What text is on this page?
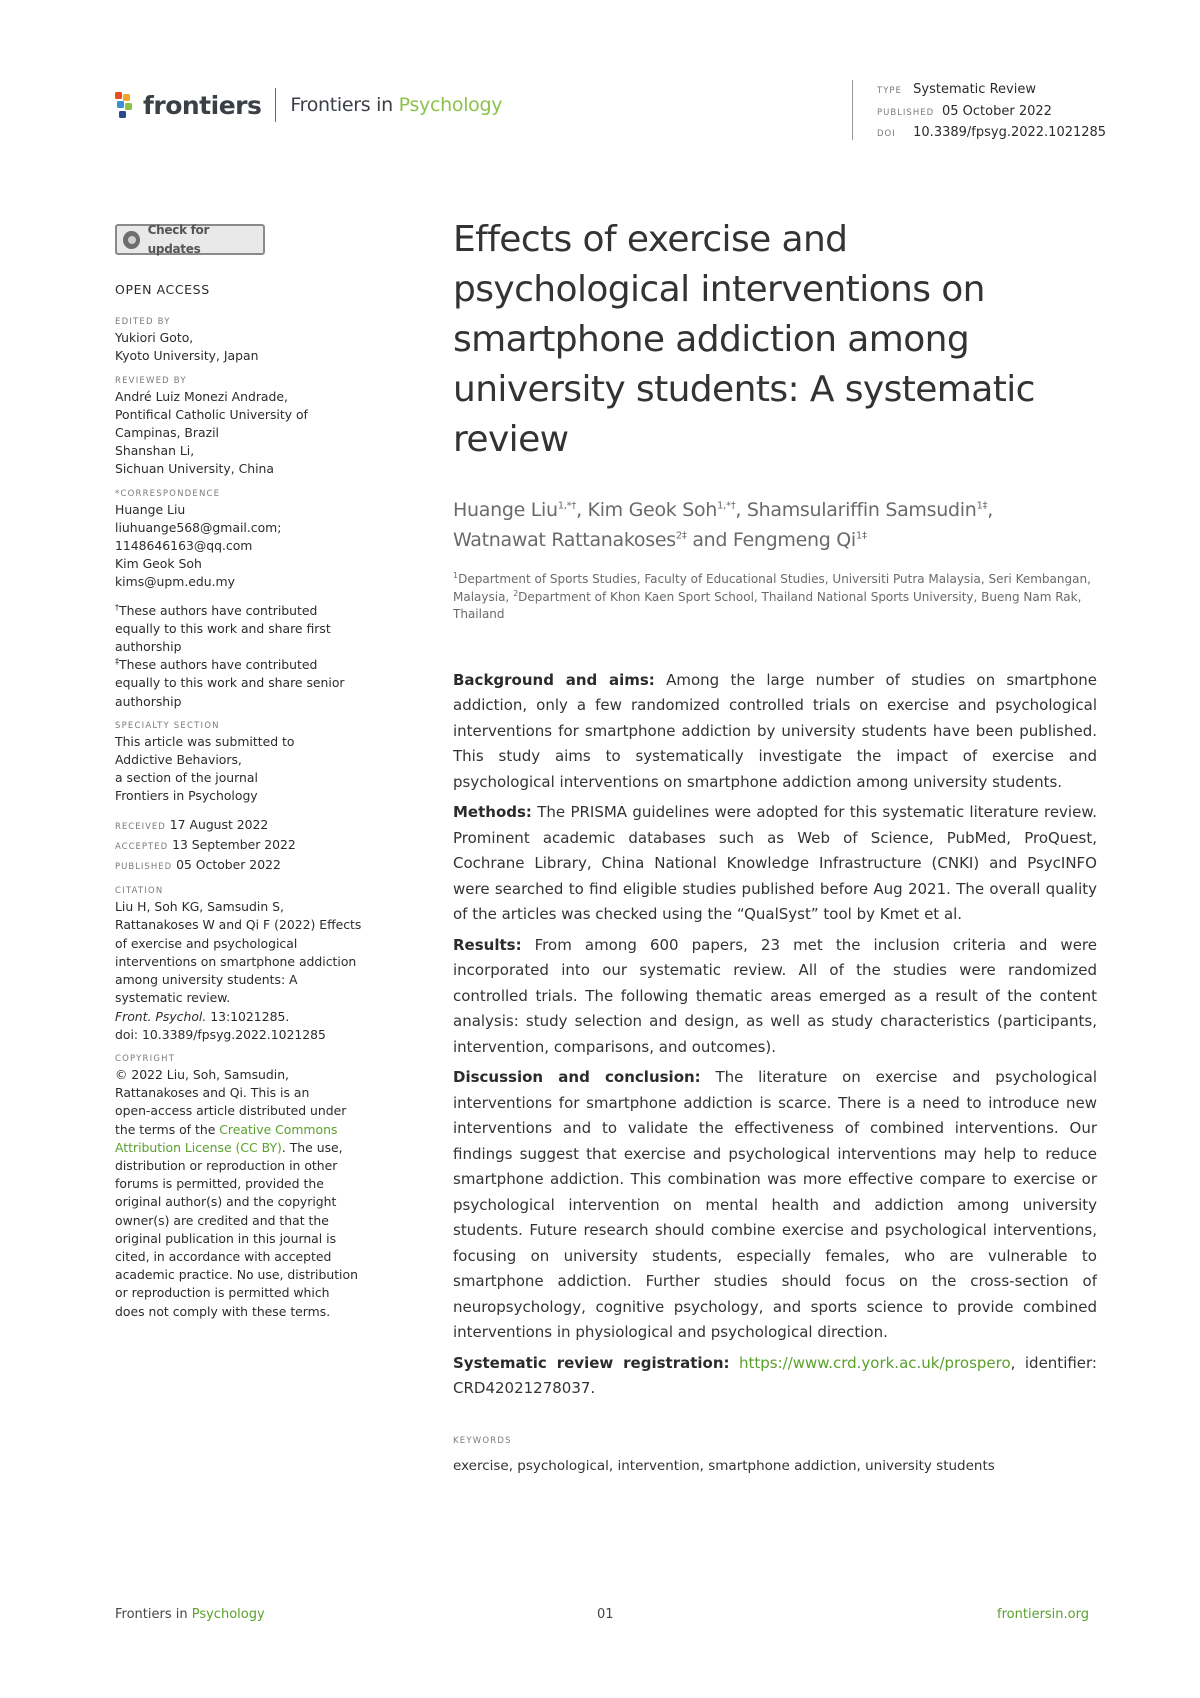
frontiers Frontiers in Psychology
TYPE Systematic Review
PUBLISHED 05 October 2022
DOI 10.3389/fpsyg.2022.1021285
Check for updates
OPEN ACCESS
EDITED BY
Yukiori Goto,
Kyoto University, Japan
REVIEWED BY
André Luiz Monezi Andrade,
Pontifical Catholic University of
Campinas, Brazil
Shanshan Li,
Sichuan University, China
*CORRESPONDENCE
Huange Liu
liuhuange568@gmail.com;
1148646163@qq.com
Kim Geok Soh
kims@upm.edu.my
†These authors have contributed
equally to this work and share first
authorship
‡These authors have contributed
equally to this work and share senior
authorship
SPECIALTY SECTION
This article was submitted to
Addictive Behaviors,
a section of the journal
Frontiers in Psychology
RECEIVED 17 August 2022
ACCEPTED 13 September 2022
PUBLISHED 05 October 2022
CITATION
Liu H, Soh KG, Samsudin S,
Rattanakoses W and Qi F (2022) Effects
of exercise and psychological
interventions on smartphone addiction
among university students: A
systematic review.
Front. Psychol. 13:1021285.
doi: 10.3389/fpsyg.2022.1021285
COPYRIGHT
© 2022 Liu, Soh, Samsudin,
Rattanakoses and Qi. This is an
open-access article distributed under
the terms of the Creative Commons
Attribution License (CC BY). The use,
distribution or reproduction in other
forums is permitted, provided the
original author(s) and the copyright
owner(s) are credited and that the
original publication in this journal is
cited, in accordance with accepted
academic practice. No use, distribution
or reproduction is permitted which
does not comply with these terms.
Effects of exercise and
psychological interventions on
smartphone addiction among
university students: A systematic
review
Huange Liu$^{1,*\dagger}$, Kim Geok Soh$^{1,*\dagger}$, Shamsulariffin Samsudin$^{1\ddagger}$,
Watnawat Rattanakoses$^{2\ddagger}$ and Fengmeng $Qi^{1\ddagger}$
$^1$Department of Sports Studies, Faculty of Educational Studies, Universiti Putra Malaysia, Seri Kembangan, Malaysia, $^2$Department of Khon Kaen Sport School, Thailand National Sports University, Bueng Nam Rak, Thailand

Background and aims: Among the large number of studies on smartphone addiction, only a few randomized controlled trials on exercise and psychological interventions for smartphone addiction by university students have been published. This study aims to systematically investigate the impact of exercise and psychological interventions on smartphone addiction among university students.

Methods: The PRISMA guidelines were adopted for this systematic literature review. Prominent academic databases such as Web of Science, PubMed, ProQuest, Cochrane Library, China National Knowledge Infrastructure (CNKI) and PsycINFO were searched to find eligible studies published before Aug 2021. The overall quality of the articles was checked using the “QualSyst” tool by Kmet et al.

Results: From among 600 papers, 23 met the inclusion criteria and were incorporated into our systematic review. All of the studies were randomized controlled trials. The following thematic areas emerged as a result of the content analysis: study selection and design, as well as study characteristics (participants, intervention, comparisons, and outcomes).

Discussion and conclusion: The literature on exercise and psychological interventions for smartphone addiction is scarce. There is a need to introduce new interventions and to validate the effectiveness of combined interventions. Our findings suggest that exercise and psychological interventions may help to reduce smartphone addiction. This combination was more effective compare to exercise or psychological intervention on mental health and addiction among university students. Future research should combine exercise and psychological interventions, focusing on university students, especially females, who are vulnerable to smartphone addiction. Further studies should focus on the cross-section of neuropsychology, cognitive psychology, and sports science to provide combined interventions in physiological and psychological direction.

Systematic review registration: https://www.crd.york.ac.uk/prospero, identifier: CRD42021278037.

KEYWORDS
exercise, psychological, intervention, smartphone addiction, university students
Frontiers in Psychology	01	frontiersin.org
